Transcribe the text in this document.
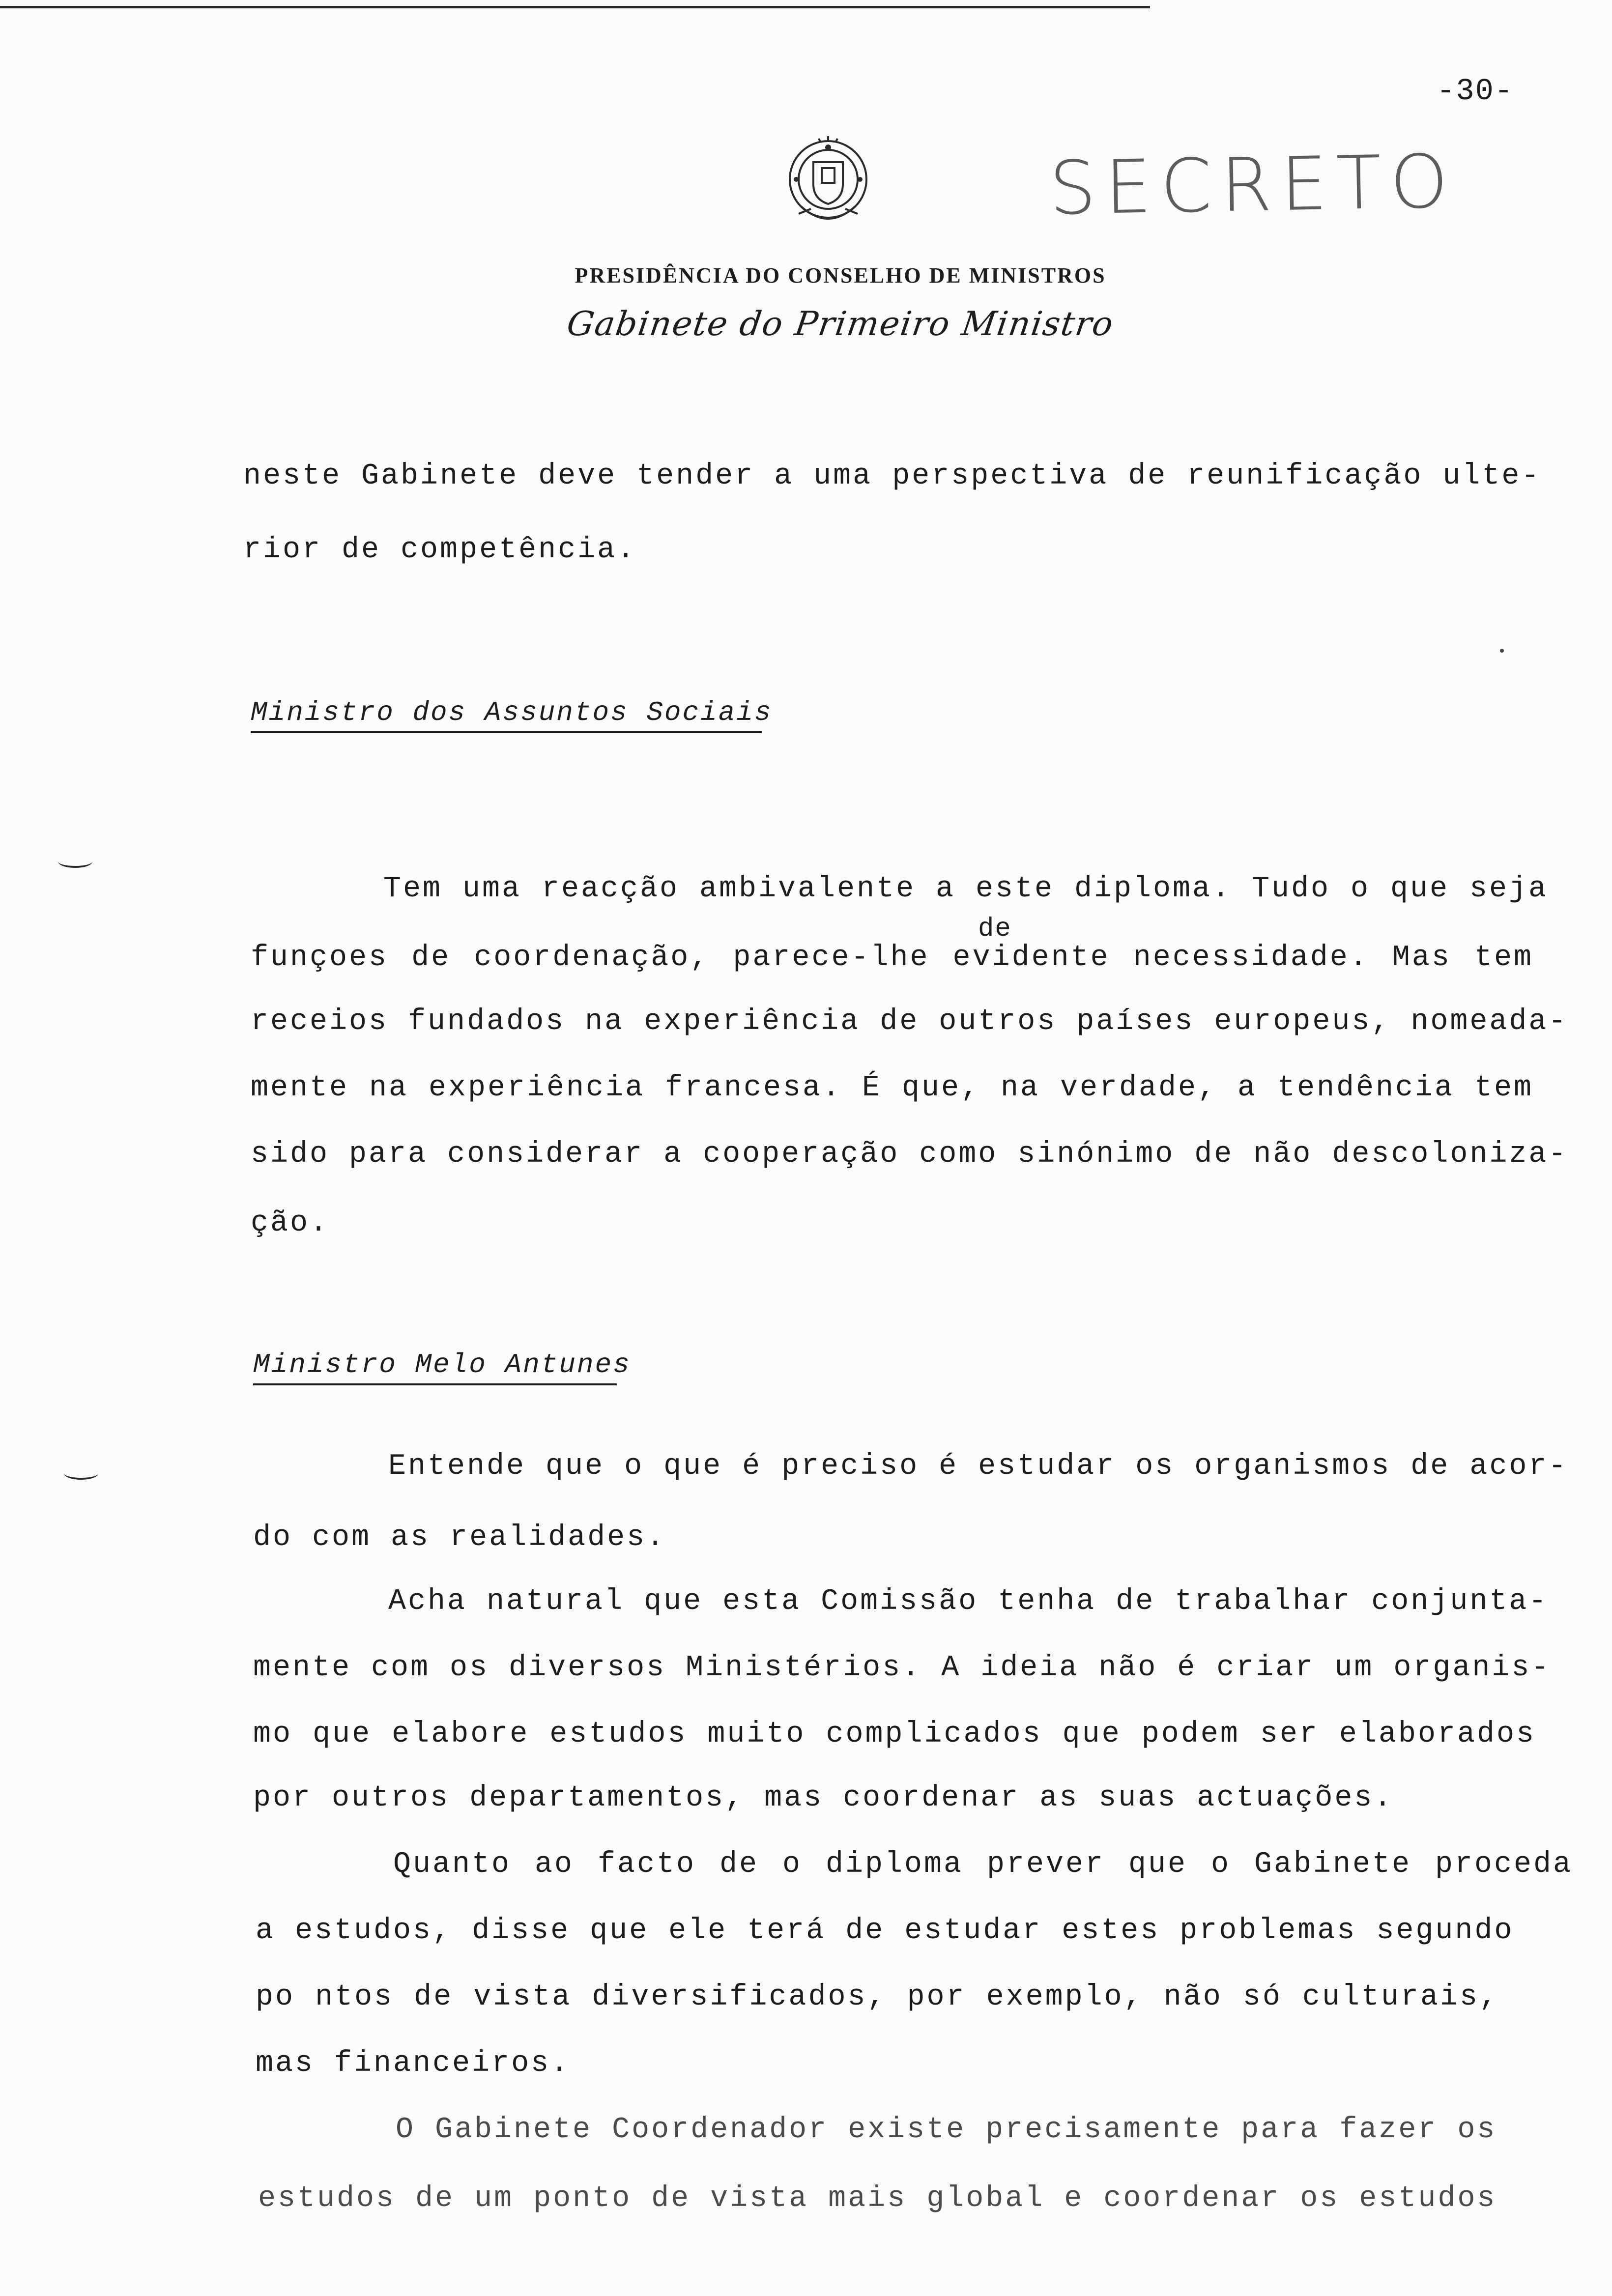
-30-
SECRETO
PRESIDÊNCIA DO CONSELHO DE MINISTROS
Gabinete do Primeiro Ministro
neste Gabinete deve tender a uma perspectiva de reunificação ulte-
rior de competência.
Ministro dos Assuntos Sociais
Tem uma reacção ambivalente a este diploma. Tudo o que seja
de
funçoes de coordenação, parece-lhe evidente necessidade. Mas tem
receios fundados na experiência de outros países europeus, nomeada-
mente na experiência francesa. É que, na verdade, a tendência tem
sido para considerar a cooperação como sinónimo de não descoloniza-
ção.
Ministro Melo Antunes
Entende que o que é preciso é estudar os organismos de acor-
do com as realidades.
Acha natural que esta Comissão tenha de trabalhar conjunta-
mente com os diversos Ministérios. A ideia não é criar um organis-
mo que elabore estudos muito complicados que podem ser elaborados
por outros departamentos, mas coordenar as suas actuações.
Quanto ao facto de o diploma prever que o Gabinete proceda
a estudos, disse que ele terá de estudar estes problemas segundo
po ntos de vista diversificados, por exemplo, não só culturais,
mas financeiros.
O Gabinete Coordenador existe precisamente para fazer os
estudos de um ponto de vista mais global e coordenar os estudos
